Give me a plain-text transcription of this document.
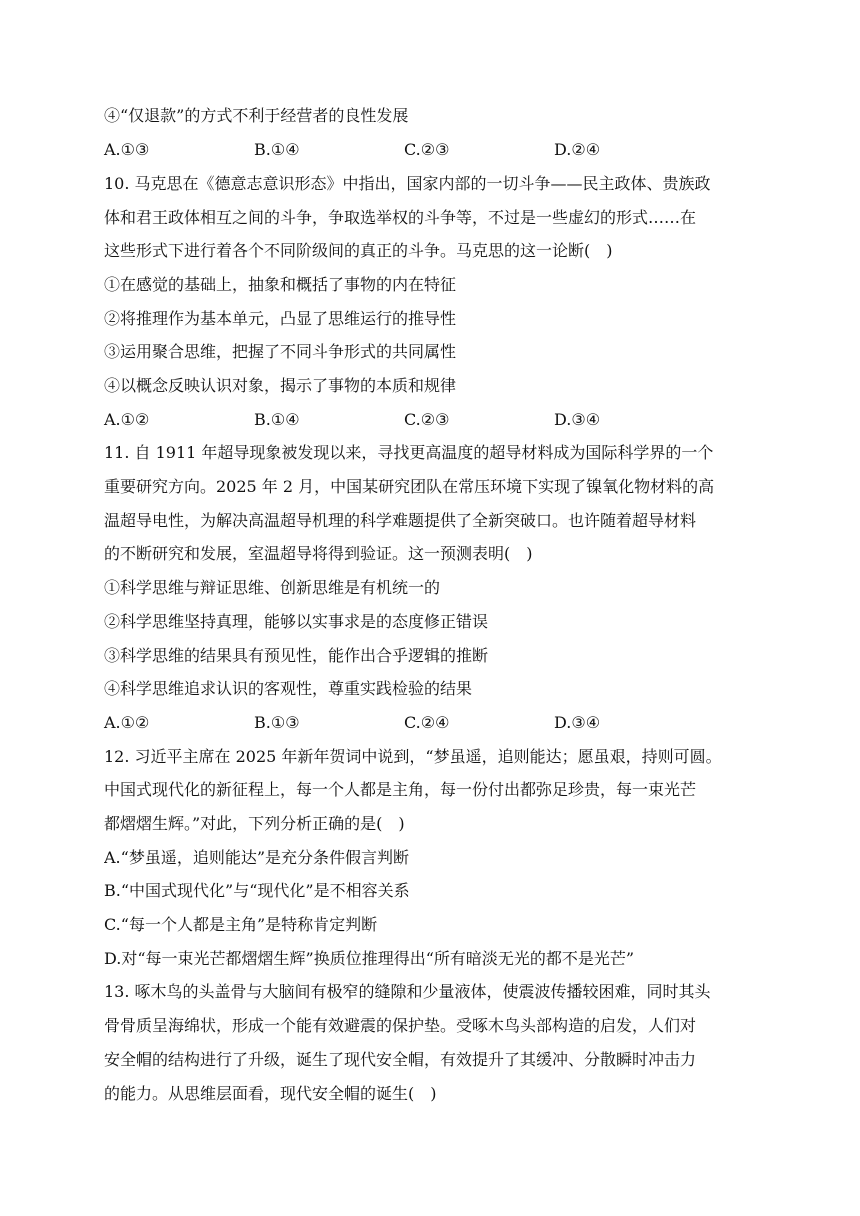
④“仅退款”的方式不利于经营者的良性发展
A.①③	B.①④	C.②③	D.②④
10. 马克思在《德意志意识形态》中指出，国家内部的一切斗争——民主政体、贵族政
体和君王政体相互之间的斗争，争取选举权的斗争等，不过是一些虚幻的形式……在
这些形式下进行着各个不同阶级间的真正的斗争。马克思的这一论断(　)
①在感觉的基础上，抽象和概括了事物的内在特征
②将推理作为基本单元，凸显了思维运行的推导性
③运用聚合思维，把握了不同斗争形式的共同属性
④以概念反映认识对象，揭示了事物的本质和规律
A.①②	B.①④	C.②③	D.③④
11. 自 1911 年超导现象被发现以来，寻找更高温度的超导材料成为国际科学界的一个
重要研究方向。2025 年 2 月，中国某研究团队在常压环境下实现了镍氧化物材料的高
温超导电性，为解决高温超导机理的科学难题提供了全新突破口。也许随着超导材料
的不断研究和发展，室温超导将得到验证。这一预测表明(　)
①科学思维与辩证思维、创新思维是有机统一的
②科学思维坚持真理，能够以实事求是的态度修正错误
③科学思维的结果具有预见性，能作出合乎逻辑的推断
④科学思维追求认识的客观性，尊重实践检验的结果
A.①②	B.①③	C.②④	D.③④
12. 习近平主席在 2025 年新年贺词中说到，“梦虽遥，追则能达；愿虽艰，持则可圆。
中国式现代化的新征程上，每一个人都是主角，每一份付出都弥足珍贵，每一束光芒
都熠熠生辉。”对此，下列分析正确的是(　)
A.“梦虽遥，追则能达”是充分条件假言判断
B.“中国式现代化”与“现代化”是不相容关系
C.“每一个人都是主角”是特称肯定判断
D.对“每一束光芒都熠熠生辉”换质位推理得出“所有暗淡无光的都不是光芒”
13. 啄木鸟的头盖骨与大脑间有极窄的缝隙和少量液体，使震波传播较困难，同时其头
骨骨质呈海绵状，形成一个能有效避震的保护垫。受啄木鸟头部构造的启发，人们对
安全帽的结构进行了升级，诞生了现代安全帽，有效提升了其缓冲、分散瞬时冲击力
的能力。从思维层面看，现代安全帽的诞生(　)
